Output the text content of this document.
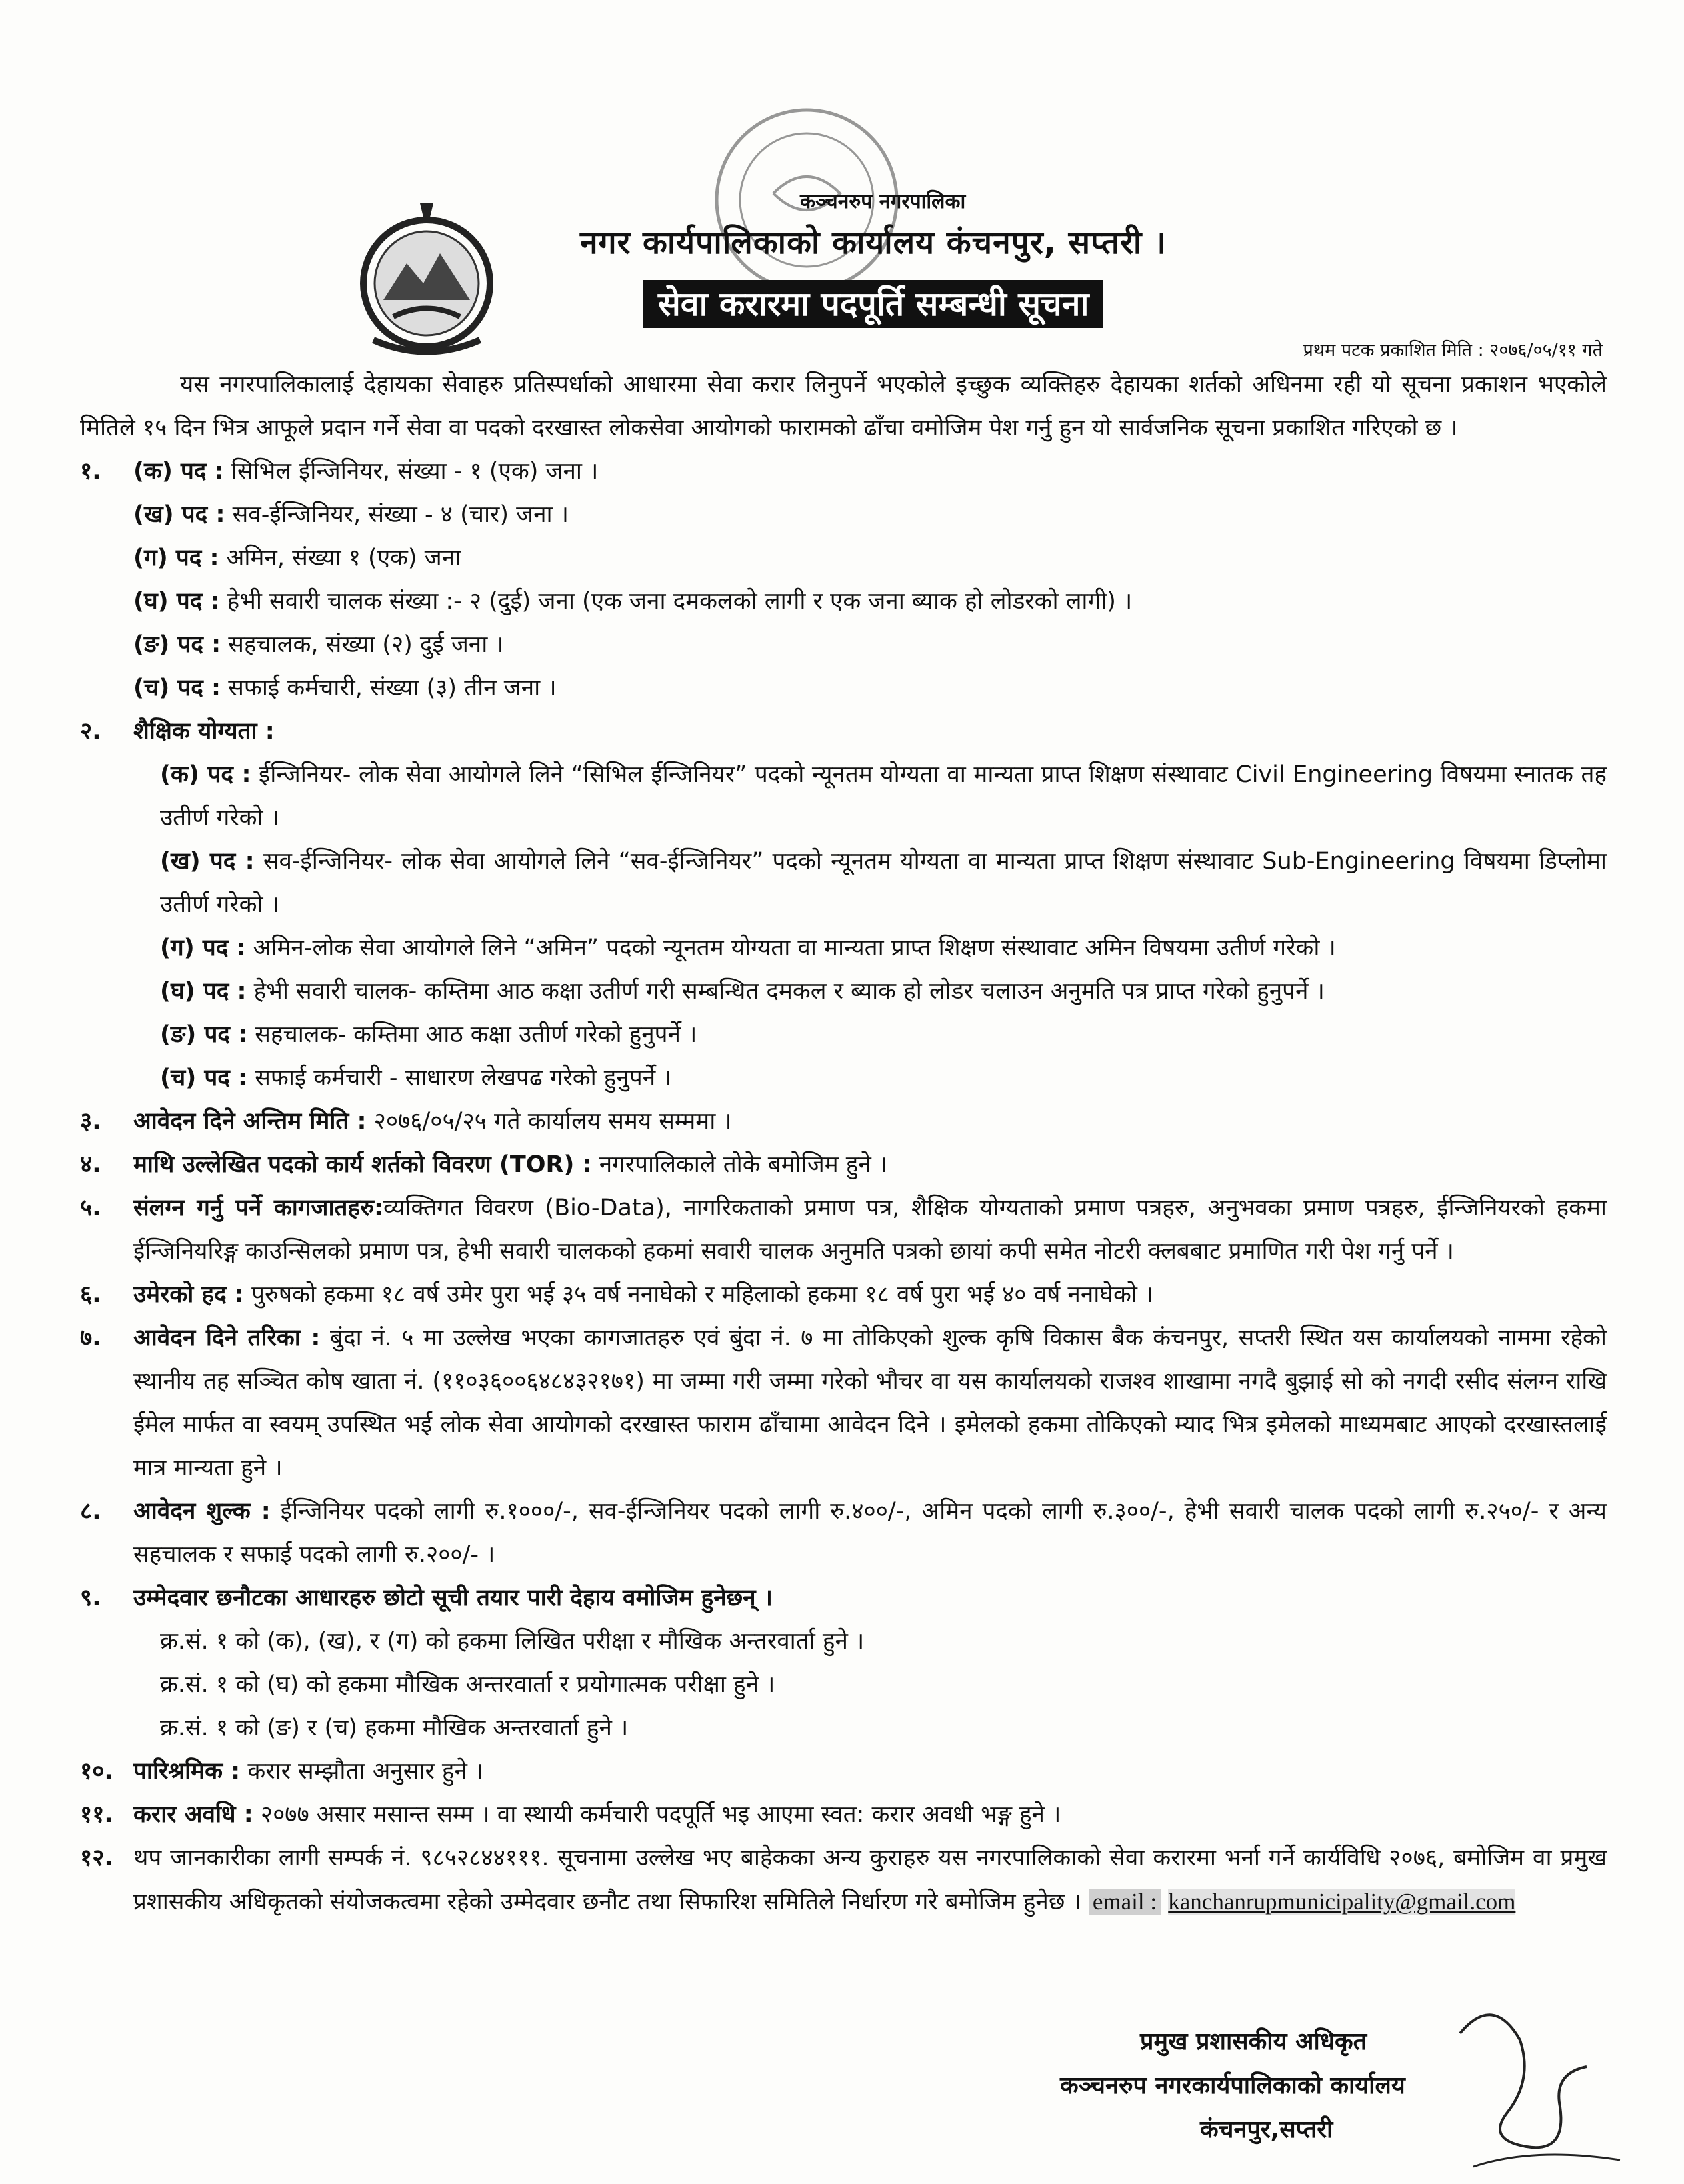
कञ्चनरुप नगरपालिका
नगर कार्यपालिकाको कार्यालय कंचनपुर, सप्तरी ।
सेवा करारमा पदपूर्ति सम्बन्धी सूचना
प्रथम पटक प्रकाशित मिति : २०७६/०५/११ गते

यस नगरपालिकालाई देहायका सेवाहरु प्रतिस्पर्धाको आधारमा सेवा करार लिनुपर्ने भएकोले इच्छुक व्यक्तिहरु देहायका शर्तको अधिनमा रही यो सूचना प्रकाशन भएकोले मितिले १५ दिन भित्र आफूले प्रदान गर्ने सेवा वा पदको दरखास्त लोकसेवा आयोगको फारामको ढाँचा वमोजिम पेश गर्नु हुन यो सार्वजनिक सूचना प्रकाशित गरिएको छ ।

१.	(क) पद : सिभिल ईन्जिनियर, संख्या - १ (एक) जना ।

(ख) पद : सव-ईन्जिनियर, संख्या - ४ (चार) जना ।

(ग) पद : अमिन, संख्या १ (एक) जना

(घ) पद : हेभी सवारी चालक संख्या :- २ (दुई) जना (एक जना दमकलको लागी र एक जना ब्याक हो लोडरको लागी) ।

(ङ) पद : सहचालक, संख्या (२) दुई जना ।

(च) पद : सफाई कर्मचारी, संख्या (३) तीन जना ।

२.	शैक्षिक योग्यता :

(क) पद : ईन्जिनियर- लोक सेवा आयोगले लिने “सिभिल ईन्जिनियर” पदको न्यूनतम योग्यता वा मान्यता प्राप्त शिक्षण संस्थावाट Civil Engineering विषयमा स्नातक तह उतीर्ण गरेको ।

(ख) पद : सव-ईन्जिनियर- लोक सेवा आयोगले लिने “सव-ईन्जिनियर” पदको न्यूनतम योग्यता वा मान्यता प्राप्त शिक्षण संस्थावाट Sub-Engineering विषयमा डिप्लोमा उतीर्ण गरेको ।

(ग) पद : अमिन-लोक सेवा आयोगले लिने “अमिन” पदको न्यूनतम योग्यता वा मान्यता प्राप्त शिक्षण संस्थावाट अमिन विषयमा उतीर्ण गरेको ।

(घ) पद : हेभी सवारी चालक- कम्तिमा आठ कक्षा उतीर्ण गरी सम्बन्धित दमकल र ब्याक हो लोडर चलाउन अनुमति पत्र प्राप्त गरेको हुनुपर्ने ।

(ङ) पद : सहचालक- कम्तिमा आठ कक्षा उतीर्ण गरेको हुनुपर्ने ।

(च) पद : सफाई कर्मचारी - साधारण लेखपढ गरेको हुनुपर्ने ।

३.	आवेदन दिने अन्तिम मिति : २०७६/०५/२५ गते कार्यालय समय सम्ममा ।

४.	माथि उल्लेखित पदको कार्य शर्तको विवरण (TOR) : नगरपालिकाले तोके बमोजिम हुने ।

५.	संलग्न गर्नु पर्ने कागजातहरु:व्यक्तिगत विवरण (Bio-Data), नागरिकताको प्रमाण पत्र, शैक्षिक योग्यताको प्रमाण पत्रहरु, अनुभवका प्रमाण पत्रहरु, ईन्जिनियरको हकमा ईन्जिनियरिङ्ग काउन्सिलको प्रमाण पत्र, हेभी सवारी चालकको हकमां सवारी चालक अनुमति पत्रको छायां कपी समेत नोटरी क्लबबाट प्रमाणित गरी पेश गर्नु पर्ने ।

६.	उमेरको हद : पुरुषको हकमा १८ वर्ष उमेर पुरा भई ३५ वर्ष ननाघेको र महिलाको हकमा १८ वर्ष पुरा भई ४० वर्ष ननाघेको ।

७.	आवेदन दिने तरिका : बुंदा नं. ५ मा उल्लेख भएका कागजातहरु एवं बुंदा नं. ७ मा तोकिएको शुल्क कृषि विकास बैक कंचनपुर, सप्तरी स्थित यस कार्यालयको नाममा रहेको स्थानीय तह सञ्चित कोष खाता नं. (११०३६००६४८४३२१७१) मा जम्मा गरी जम्मा गरेको भौचर वा यस कार्यालयको राजश्व शाखामा नगदै बुझाई सो को नगदी रसीद संलग्न राखि ईमेल मार्फत वा स्वयम् उपस्थित भई लोक सेवा आयोगको दरखास्त फाराम ढाँचामा आवेदन दिने । इमेलको हकमा तोकिएको म्याद भित्र इमेलको माध्यमबाट आएको दरखास्तलाई मात्र मान्यता हुने ।

८.	आवेदन शुल्क : ईन्जिनियर पदको लागी रु.१०००/-, सव-ईन्जिनियर पदको लागी रु.४००/-, अमिन पदको लागी रु.३००/-, हेभी सवारी चालक पदको लागी रु.२५०/- र अन्य सहचालक र सफाई पदको लागी रु.२००/- ।

९.	उम्मेदवार छनौटका आधारहरु छोटो सूची तयार पारी देहाय वमोजिम हुनेछन् ।

क्र.सं. १ को (क), (ख), र (ग) को हकमा लिखित परीक्षा र मौखिक अन्तरवार्ता हुने ।

क्र.सं. १ को (घ) को हकमा मौखिक अन्तरवार्ता र प्रयोगात्मक परीक्षा हुने ।

क्र.सं. १ को (ङ) र (च) हकमा मौखिक अन्तरवार्ता हुने ।

१०. पारिश्रमिक : करार सम्झौता अनुसार हुने ।

११. करार अवधि : २०७७ असार मसान्त सम्म । वा स्थायी कर्मचारी पदपूर्ति भइ आएमा स्वत: करार अवधी भङ्ग हुने ।

१२. थप जानकारीका लागी सम्पर्क नं. ९८५२८४४१११. सूचनामा उल्लेख भए बाहेकका अन्य कुराहरु यस नगरपालिकाको सेवा करारमा भर्ना गर्ने कार्यविधि २०७६, बमोजिम वा प्रमुख प्रशासकीय अधिकृतको संयोजकत्वमा रहेको उम्मेदवार छनौट तथा सिफारिश समितिले निर्धारण गरे बमोजिम हुनेछ । email : kanchanrupmunicipality@gmail.com

प्रमुख प्रशासकीय अधिकृत
कञ्चनरुप नगरकार्यपालिकाको कार्यालय
कंचनपुर,सप्तरी
